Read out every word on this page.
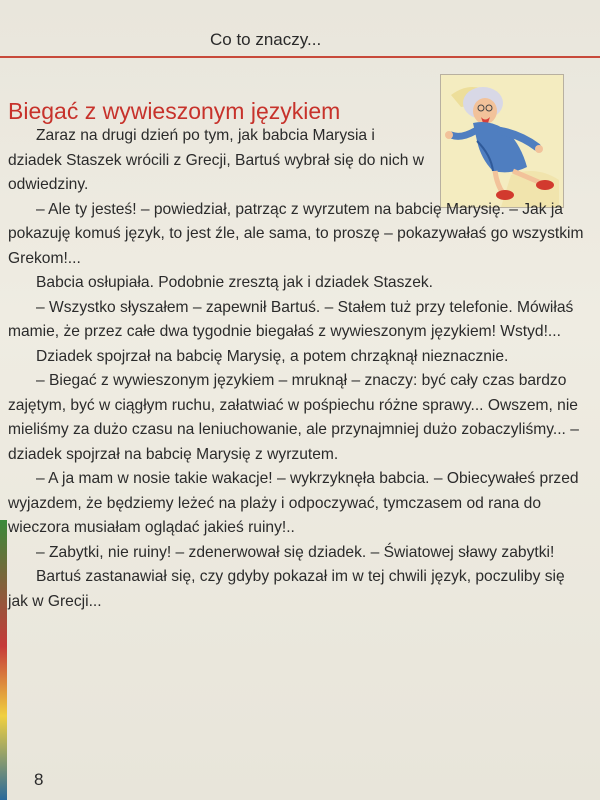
Co to znaczy...
Biegać z wywieszonym językiem

Zaraz na drugi dzień po tym, jak babcia Marysia i dziadek Staszek wrócili z Grecji, Bartuś wybrał się do nich w odwiedziny.

– Ale ty jesteś! – powiedział, patrząc z wyrzutem na babcię Marysię. – Jak ja pokazuję komuś język, to jest źle, ale sama, to proszę – pokazywałaś go wszystkim Grekom!...

Babcia osłupiała. Podobnie zresztą jak i dziadek Staszek.

– Wszystko słyszałem – zapewnił Bartuś. – Stałem tuż przy telefonie. Mówiłaś mamie, że przez całe dwa tygodnie biegałaś z wywieszonym językiem! Wstyd!...

Dziadek spojrzał na babcię Marysię, a potem chrząknął nieznacznie.

– Biegać z wywieszonym językiem – mruknął – znaczy: być cały czas bardzo zajętym, być w ciągłym ruchu, załatwiać w pośpiechu różne sprawy... Owszem, nie mieliśmy za dużo czasu na leniuchowanie, ale przynajmniej dużo zobaczyliśmy... – dziadek spojrzał na babcię Marysię z wyrzutem.

– A ja mam w nosie takie wakacje! – wykrzyknęła babcia. – Obiecywałeś przed wyjazdem, że będziemy leżeć na plaży i odpoczywać, tymczasem od rana do wieczora musiałam oglądać jakieś ruiny!..

– Zabytki, nie ruiny! – zdenerwował się dziadek. – Światowej sławy zabytki!

Bartuś zastanawiał się, czy gdyby pokazał im w tej chwili język, poczuliby się jak w Grecji...

8
